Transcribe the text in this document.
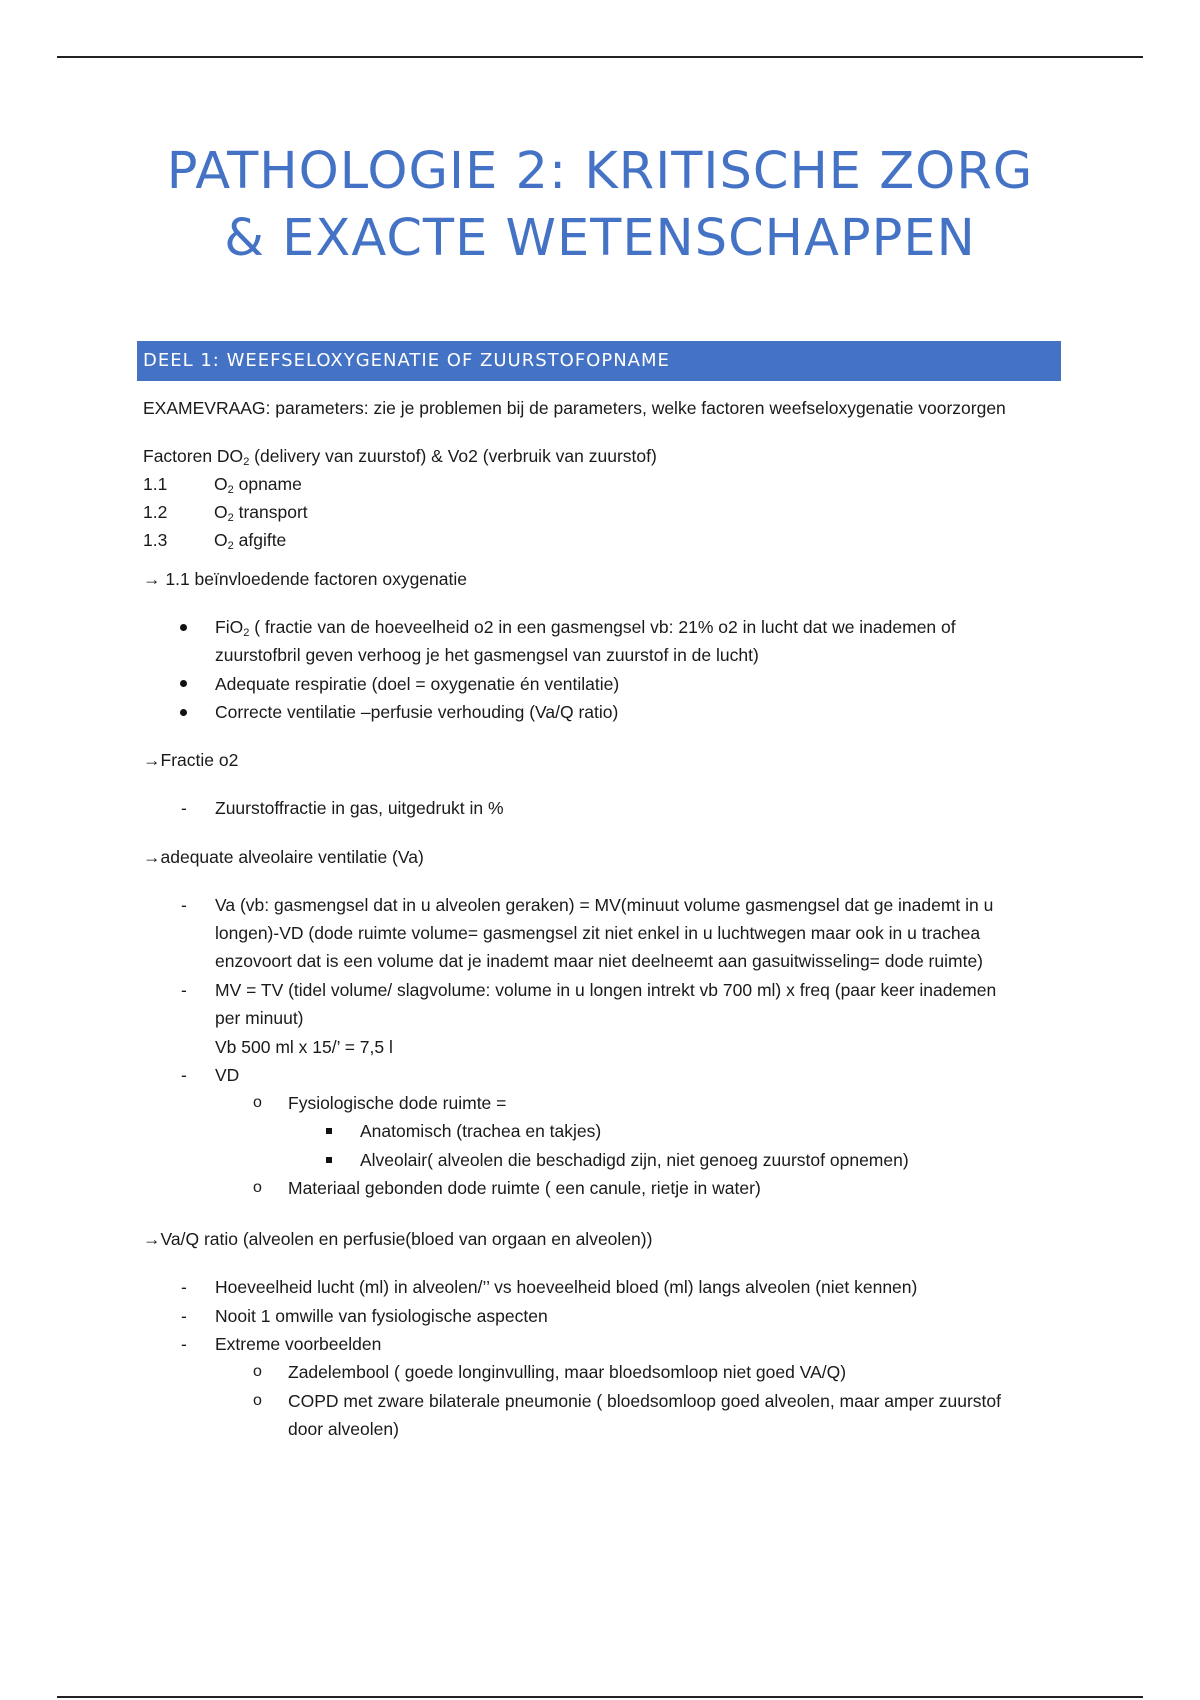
PATHOLOGIE 2: KRITISCHE ZORG
& EXACTE WETENSCHAPPEN
DEEL 1: WEEFSELOXYGENATIE OF ZUURSTOFOPNAME
EXAMEVRAAG: parameters: zie je problemen bij de parameters, welke factoren weefseloxygenatie voorzorgen
Factoren $DO_2$ (delivery van zuurstof) & Vo2 (verbruik van zuurstof)
1.1	$O_2$ opname
1.2	$O_2$ transport
1.3	$O_2$ afgifte
→ 1.1 beïnvloedende factoren oxygenatie
FiO$_2$ ( fractie van de hoeveelheid o2 in een gasmengsel vb: 21% o2 in lucht dat we inademen of
zuurstofbril geven verhoog je het gasmengsel van zuurstof in de lucht)
Adequate respiratie (doel = oxygenatie én ventilatie)
Correcte ventilatie –perfusie verhouding (Va/Q ratio)
→Fractie o2
- Zuurstoffractie in gas, uitgedrukt in %
→adequate alveolaire ventilatie (Va)
- Va (vb: gasmengsel dat in u alveolen geraken) = MV(minuut volume gasmengsel dat ge inademt in u
longen)-VD (dode ruimte volume= gasmengsel zit niet enkel in u luchtwegen maar ook in u trachea
enzovoort dat is een volume dat je inademt maar niet deelneemt aan gasuitwisseling= dode ruimte)
- MV = TV (tidel volume/ slagvolume: volume in u longen intrekt vb 700 ml) x freq (paar keer inademen
per minuut)
Vb 500 ml x 15/’ = 7,5 l
- VD
o Fysiologische dode ruimte =
Anatomisch (trachea en takjes)
Alveolair( alveolen die beschadigd zijn, niet genoeg zuurstof opnemen)
o Materiaal gebonden dode ruimte ( een canule, rietje in water)
→Va/Q ratio (alveolen en perfusie(bloed van orgaan en alveolen))
- Hoeveelheid lucht (ml) in alveolen/’’ vs hoeveelheid bloed (ml) langs alveolen (niet kennen)
- Nooit 1 omwille van fysiologische aspecten
- Extreme voorbeelden
o Zadelembool ( goede longinvulling, maar bloedsomloop niet goed VA/Q)
o COPD met zware bilaterale pneumonie ( bloedsomloop goed alveolen, maar amper zuurstof
door alveolen)
